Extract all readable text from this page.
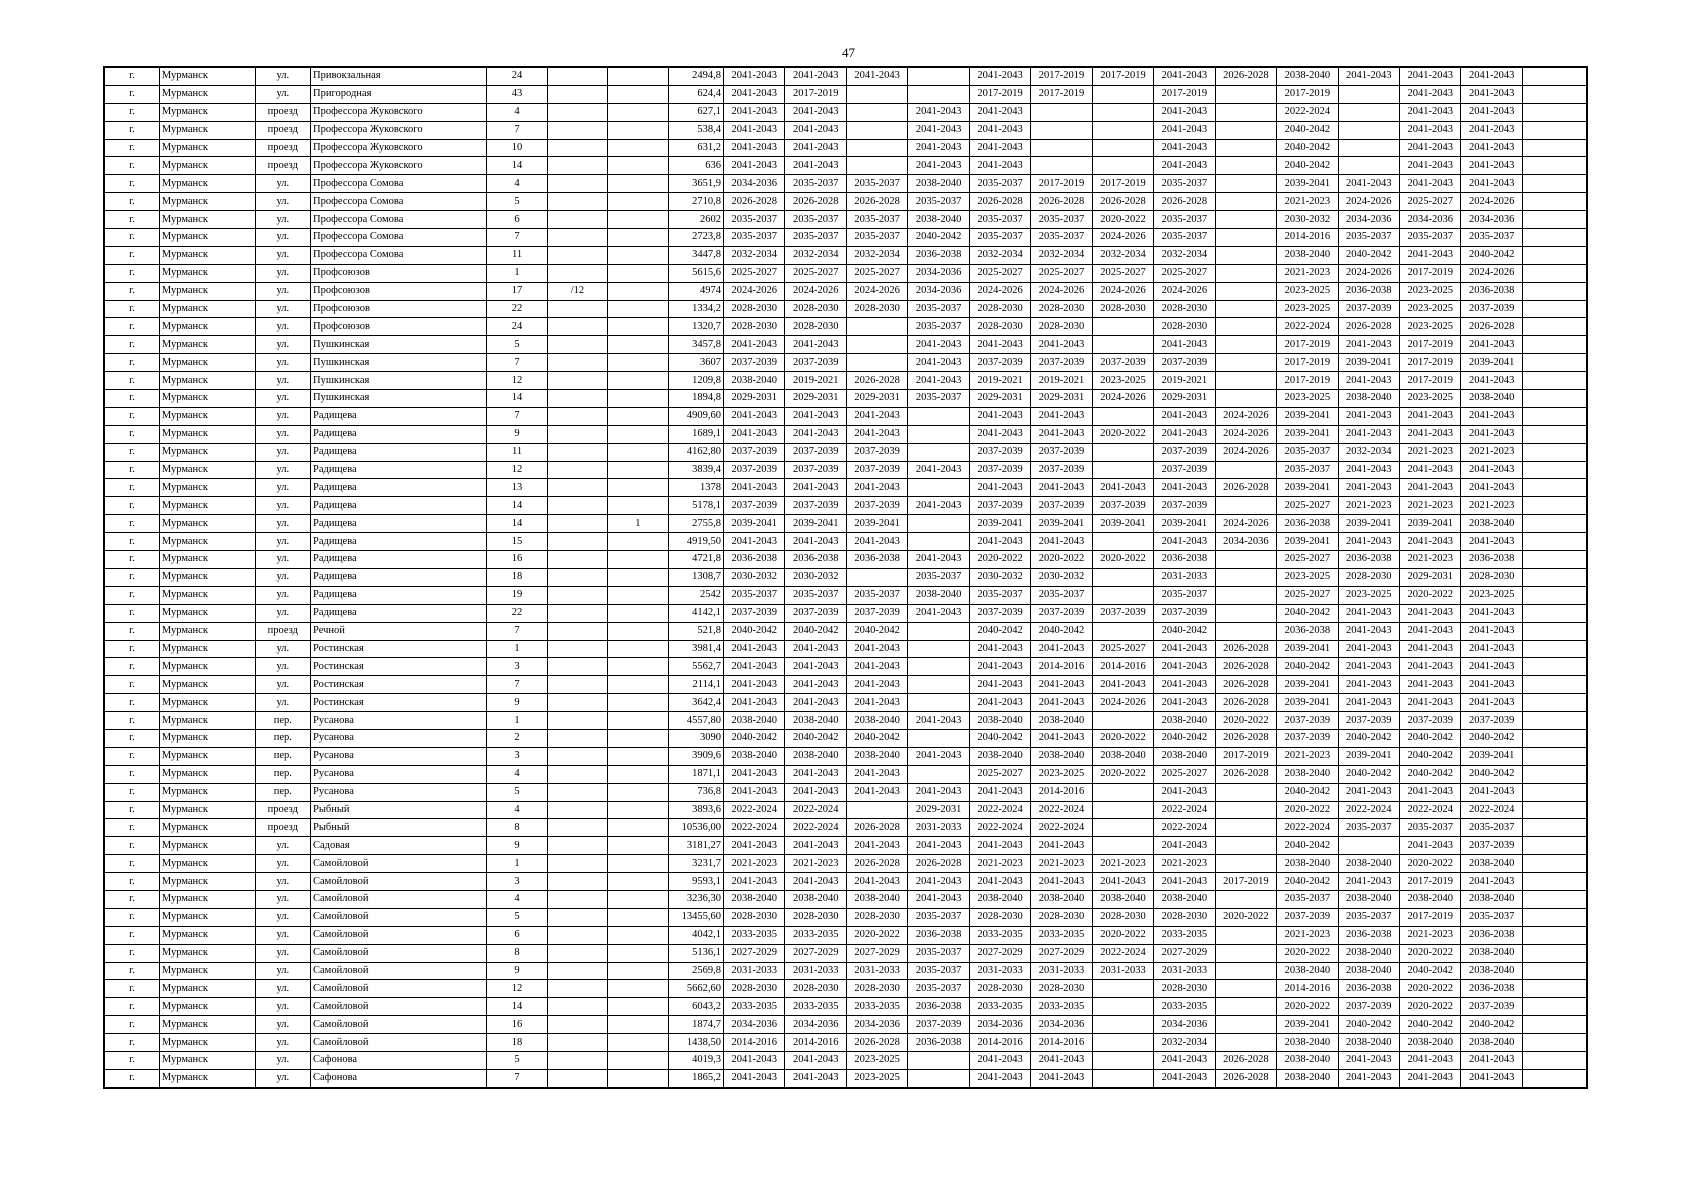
47
г.	Мурманск	ул.	Привокзальная	24			2494,8	2041-2043	2041-2043	2041-2043		2041-2043	2017-2019	2017-2019	2041-2043	2026-2028	2038-2040	2041-2043	2041-2043	2041-2043	
г.	Мурманск	ул.	Пригородная	43			624,4	2041-2043	2017-2019			2017-2019	2017-2019		2017-2019		2017-2019		2041-2043	2041-2043	
г.	Мурманск	проезд	Профессора Жуковского	4			627,1	2041-2043	2041-2043		2041-2043	2041-2043			2041-2043		2022-2024		2041-2043	2041-2043	
г.	Мурманск	проезд	Профессора Жуковского	7			538,4	2041-2043	2041-2043		2041-2043	2041-2043			2041-2043		2040-2042		2041-2043	2041-2043	
г.	Мурманск	проезд	Профессора Жуковского	10			631,2	2041-2043	2041-2043		2041-2043	2041-2043			2041-2043		2040-2042		2041-2043	2041-2043	
г.	Мурманск	проезд	Профессора Жуковского	14			636	2041-2043	2041-2043		2041-2043	2041-2043			2041-2043		2040-2042		2041-2043	2041-2043	
г.	Мурманск	ул.	Профессора Сомова	4			3651,9	2034-2036	2035-2037	2035-2037	2038-2040	2035-2037	2017-2019	2017-2019	2035-2037		2039-2041	2041-2043	2041-2043	2041-2043	
г.	Мурманск	ул.	Профессора Сомова	5			2710,8	2026-2028	2026-2028	2026-2028	2035-2037	2026-2028	2026-2028	2026-2028	2026-2028		2021-2023	2024-2026	2025-2027	2024-2026	
г.	Мурманск	ул.	Профессора Сомова	6			2602	2035-2037	2035-2037	2035-2037	2038-2040	2035-2037	2035-2037	2020-2022	2035-2037		2030-2032	2034-2036	2034-2036	2034-2036	
г.	Мурманск	ул.	Профессора Сомова	7			2723,8	2035-2037	2035-2037	2035-2037	2040-2042	2035-2037	2035-2037	2024-2026	2035-2037		2014-2016	2035-2037	2035-2037	2035-2037	
г.	Мурманск	ул.	Профессора Сомова	11			3447,8	2032-2034	2032-2034	2032-2034	2036-2038	2032-2034	2032-2034	2032-2034	2032-2034		2038-2040	2040-2042	2041-2043	2040-2042	
г.	Мурманск	ул.	Профсоюзов	1			5615,6	2025-2027	2025-2027	2025-2027	2034-2036	2025-2027	2025-2027	2025-2027	2025-2027		2021-2023	2024-2026	2017-2019	2024-2026	
г.	Мурманск	ул.	Профсоюзов	17	/12		4974	2024-2026	2024-2026	2024-2026	2034-2036	2024-2026	2024-2026	2024-2026	2024-2026		2023-2025	2036-2038	2023-2025	2036-2038	
г.	Мурманск	ул.	Профсоюзов	22			1334,2	2028-2030	2028-2030	2028-2030	2035-2037	2028-2030	2028-2030	2028-2030	2028-2030		2023-2025	2037-2039	2023-2025	2037-2039	
г.	Мурманск	ул.	Профсоюзов	24			1320,7	2028-2030	2028-2030		2035-2037	2028-2030	2028-2030		2028-2030		2022-2024	2026-2028	2023-2025	2026-2028	
г.	Мурманск	ул.	Пушкинская	5			3457,8	2041-2043	2041-2043		2041-2043	2041-2043	2041-2043		2041-2043		2017-2019	2041-2043	2017-2019	2041-2043	
г.	Мурманск	ул.	Пушкинская	7			3607	2037-2039	2037-2039		2041-2043	2037-2039	2037-2039	2037-2039	2037-2039		2017-2019	2039-2041	2017-2019	2039-2041	
г.	Мурманск	ул.	Пушкинская	12			1209,8	2038-2040	2019-2021	2026-2028	2041-2043	2019-2021	2019-2021	2023-2025	2019-2021		2017-2019	2041-2043	2017-2019	2041-2043	
г.	Мурманск	ул.	Пушкинская	14			1894,8	2029-2031	2029-2031	2029-2031	2035-2037	2029-2031	2029-2031	2024-2026	2029-2031		2023-2025	2038-2040	2023-2025	2038-2040	
г.	Мурманск	ул.	Радищева	7			4909,60	2041-2043	2041-2043	2041-2043		2041-2043	2041-2043		2041-2043	2024-2026	2039-2041	2041-2043	2041-2043	2041-2043	
г.	Мурманск	ул.	Радищева	9			1689,1	2041-2043	2041-2043	2041-2043		2041-2043	2041-2043	2020-2022	2041-2043	2024-2026	2039-2041	2041-2043	2041-2043	2041-2043	
г.	Мурманск	ул.	Радищева	11			4162,80	2037-2039	2037-2039	2037-2039		2037-2039	2037-2039		2037-2039	2024-2026	2035-2037	2032-2034	2021-2023	2021-2023	
г.	Мурманск	ул.	Радищева	12			3839,4	2037-2039	2037-2039	2037-2039	2041-2043	2037-2039	2037-2039		2037-2039		2035-2037	2041-2043	2041-2043	2041-2043	
г.	Мурманск	ул.	Радищева	13			1378	2041-2043	2041-2043	2041-2043		2041-2043	2041-2043	2041-2043	2041-2043	2026-2028	2039-2041	2041-2043	2041-2043	2041-2043	
г.	Мурманск	ул.	Радищева	14			5178,1	2037-2039	2037-2039	2037-2039	2041-2043	2037-2039	2037-2039	2037-2039	2037-2039		2025-2027	2021-2023	2021-2023	2021-2023	
г.	Мурманск	ул.	Радищева	14		1	2755,8	2039-2041	2039-2041	2039-2041		2039-2041	2039-2041	2039-2041	2039-2041	2024-2026	2036-2038	2039-2041	2039-2041	2038-2040	
г.	Мурманск	ул.	Радищева	15			4919,50	2041-2043	2041-2043	2041-2043		2041-2043	2041-2043		2041-2043	2034-2036	2039-2041	2041-2043	2041-2043	2041-2043	
г.	Мурманск	ул.	Радищева	16			4721,8	2036-2038	2036-2038	2036-2038	2041-2043	2020-2022	2020-2022	2020-2022	2036-2038		2025-2027	2036-2038	2021-2023	2036-2038	
г.	Мурманск	ул.	Радищева	18			1308,7	2030-2032	2030-2032		2035-2037	2030-2032	2030-2032		2031-2033		2023-2025	2028-2030	2029-2031	2028-2030	
г.	Мурманск	ул.	Радищева	19			2542	2035-2037	2035-2037	2035-2037	2038-2040	2035-2037	2035-2037		2035-2037		2025-2027	2023-2025	2020-2022	2023-2025	
г.	Мурманск	ул.	Радищева	22			4142,1	2037-2039	2037-2039	2037-2039	2041-2043	2037-2039	2037-2039	2037-2039	2037-2039		2040-2042	2041-2043	2041-2043	2041-2043	
г.	Мурманск	проезд	Речной	7			521,8	2040-2042	2040-2042	2040-2042		2040-2042	2040-2042		2040-2042		2036-2038	2041-2043	2041-2043	2041-2043	
г.	Мурманск	ул.	Ростинская	1			3981,4	2041-2043	2041-2043	2041-2043		2041-2043	2041-2043	2025-2027	2041-2043	2026-2028	2039-2041	2041-2043	2041-2043	2041-2043	
г.	Мурманск	ул.	Ростинская	3			5562,7	2041-2043	2041-2043	2041-2043		2041-2043	2014-2016	2014-2016	2041-2043	2026-2028	2040-2042	2041-2043	2041-2043	2041-2043	
г.	Мурманск	ул.	Ростинская	7			2114,1	2041-2043	2041-2043	2041-2043		2041-2043	2041-2043	2041-2043	2041-2043	2026-2028	2039-2041	2041-2043	2041-2043	2041-2043	
г.	Мурманск	ул.	Ростинская	9			3642,4	2041-2043	2041-2043	2041-2043		2041-2043	2041-2043	2024-2026	2041-2043	2026-2028	2039-2041	2041-2043	2041-2043	2041-2043	
г.	Мурманск	пер.	Русанова	1			4557,80	2038-2040	2038-2040	2038-2040	2041-2043	2038-2040	2038-2040		2038-2040	2020-2022	2037-2039	2037-2039	2037-2039	2037-2039	
г.	Мурманск	пер.	Русанова	2			3090	2040-2042	2040-2042	2040-2042		2040-2042	2041-2043	2020-2022	2040-2042	2026-2028	2037-2039	2040-2042	2040-2042	2040-2042	
г.	Мурманск	пер.	Русанова	3			3909,6	2038-2040	2038-2040	2038-2040	2041-2043	2038-2040	2038-2040	2038-2040	2038-2040	2017-2019	2021-2023	2039-2041	2040-2042	2039-2041	
г.	Мурманск	пер.	Русанова	4			1871,1	2041-2043	2041-2043	2041-2043		2025-2027	2023-2025	2020-2022	2025-2027	2026-2028	2038-2040	2040-2042	2040-2042	2040-2042	
г.	Мурманск	пер.	Русанова	5			736,8	2041-2043	2041-2043	2041-2043	2041-2043	2041-2043	2014-2016		2041-2043		2040-2042	2041-2043	2041-2043	2041-2043	
г.	Мурманск	проезд	Рыбный	4			3893,6	2022-2024	2022-2024		2029-2031	2022-2024	2022-2024		2022-2024		2020-2022	2022-2024	2022-2024	2022-2024	
г.	Мурманск	проезд	Рыбный	8			10536,00	2022-2024	2022-2024	2026-2028	2031-2033	2022-2024	2022-2024		2022-2024		2022-2024	2035-2037	2035-2037	2035-2037	
г.	Мурманск	ул.	Садовая	9			3181,27	2041-2043	2041-2043	2041-2043	2041-2043	2041-2043	2041-2043		2041-2043		2040-2042		2041-2043	2037-2039	
г.	Мурманск	ул.	Самойловой	1			3231,7	2021-2023	2021-2023	2026-2028	2026-2028	2021-2023	2021-2023	2021-2023	2021-2023		2038-2040	2038-2040	2020-2022	2038-2040	
г.	Мурманск	ул.	Самойловой	3			9593,1	2041-2043	2041-2043	2041-2043	2041-2043	2041-2043	2041-2043	2041-2043	2041-2043	2017-2019	2040-2042	2041-2043	2017-2019	2041-2043	
г.	Мурманск	ул.	Самойловой	4			3236,30	2038-2040	2038-2040	2038-2040	2041-2043	2038-2040	2038-2040	2038-2040	2038-2040		2035-2037	2038-2040	2038-2040	2038-2040	
г.	Мурманск	ул.	Самойловой	5			13455,60	2028-2030	2028-2030	2028-2030	2035-2037	2028-2030	2028-2030	2028-2030	2028-2030	2020-2022	2037-2039	2035-2037	2017-2019	2035-2037	
г.	Мурманск	ул.	Самойловой	6			4042,1	2033-2035	2033-2035	2020-2022	2036-2038	2033-2035	2033-2035	2020-2022	2033-2035		2021-2023	2036-2038	2021-2023	2036-2038	
г.	Мурманск	ул.	Самойловой	8			5136,1	2027-2029	2027-2029	2027-2029	2035-2037	2027-2029	2027-2029	2022-2024	2027-2029		2020-2022	2038-2040	2020-2022	2038-2040	
г.	Мурманск	ул.	Самойловой	9			2569,8	2031-2033	2031-2033	2031-2033	2035-2037	2031-2033	2031-2033	2031-2033	2031-2033		2038-2040	2038-2040	2040-2042	2038-2040	
г.	Мурманск	ул.	Самойловой	12			5662,60	2028-2030	2028-2030	2028-2030	2035-2037	2028-2030	2028-2030		2028-2030		2014-2016	2036-2038	2020-2022	2036-2038	
г.	Мурманск	ул.	Самойловой	14			6043,2	2033-2035	2033-2035	2033-2035	2036-2038	2033-2035	2033-2035		2033-2035		2020-2022	2037-2039	2020-2022	2037-2039	
г.	Мурманск	ул.	Самойловой	16			1874,7	2034-2036	2034-2036	2034-2036	2037-2039	2034-2036	2034-2036		2034-2036		2039-2041	2040-2042	2040-2042	2040-2042	
г.	Мурманск	ул.	Самойловой	18			1438,50	2014-2016	2014-2016	2026-2028	2036-2038	2014-2016	2014-2016		2032-2034		2038-2040	2038-2040	2038-2040	2038-2040	
г.	Мурманск	ул.	Сафонова	5			4019,3	2041-2043	2041-2043	2023-2025		2041-2043	2041-2043		2041-2043	2026-2028	2038-2040	2041-2043	2041-2043	2041-2043	
г.	Мурманск	ул.	Сафонова	7			1865,2	2041-2043	2041-2043	2023-2025		2041-2043	2041-2043		2041-2043	2026-2028	2038-2040	2041-2043	2041-2043	2041-2043	
